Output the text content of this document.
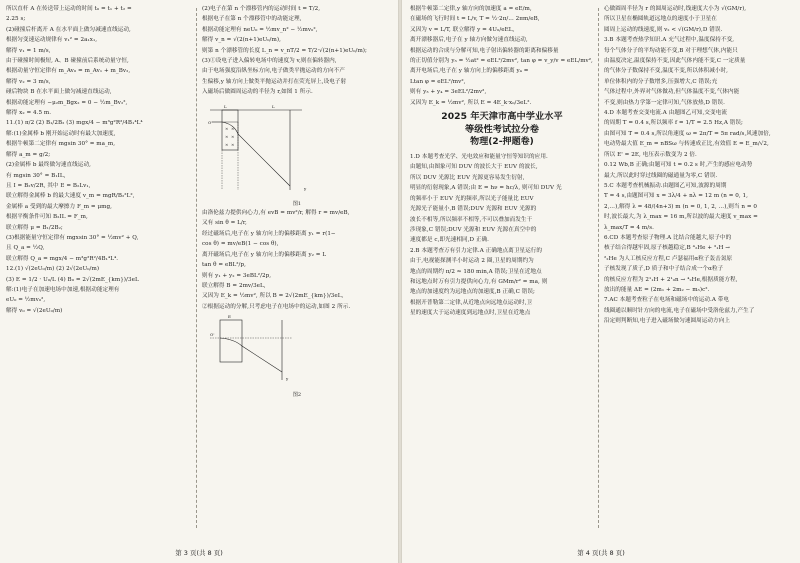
所以直杆 A 在传送带上运动的时间 t₀ = t₁ + t₂ =

2.25 s;

(2)碰撞后杆离开 A 在水平面上做匀减速直线运动,

根据匀变速运动规律有 v₁² = 2a₁x₁,

解得 v₁ = 1 m/s,

由于碰撞时间极短, A、B 碰撞前后系统动量守恒,

根据动量守恒定律有 m_Av₀ = m_Av₁ + m_Bv₂,

解得 v₂ = 3 m/s,

碰后物块 B 在水平面上做匀减速直线运动,

根据动能定理有 −μ₂m_Bgx₂ = 0 − ½m_Bv₂²,

解得 x₂ = 4.5 m.

11.(1) π/2 (2) B₁/2B₂ (3) mgx/4 − m³g²R²/4B₁⁴L⁴

解:(1)金属棒 b 刚开始运动时有最大加速度,

根据牛顿第二定律有 mgsin 30° = ma_m,

解得 a_m = g/2;

(2)金属棒 b 最终做匀速直线运动,

有 mgsin 30° = B₁IL,

且 I = B₂v/2R, 其中 E = B₂Lv₁,

联立解得金属棒 b 的最大速度 v_m = mgR/B₂²L²,

金属棒 a 受到的最大摩擦力 F_m = μmg,

根据平衡条件可知 B₂IL = F_m,

联立解得 μ = B₁/2B₂;

(3)根据能量守恒定律有 mgxsin 30° = ½mv² + Q,

且 Q_a = ½Q,

联立解得 Q_a = mgx/4 − m³g²R²/4B₁⁴L⁴.

12.(1) √(2eU₀/m) (2) 2√(2eU₀/m)

(3) E = 1/2 · U₀/L (4) B₀ = 2√(2mE_{km})/3eL

解:(1)电子在加速电场中加速,根据动能定理有

eU₀ = ½mv₀²,

解得 v₀ = √(2eU₀/m)

(2)电子在第 n 个漂移管内的运动时间 t = T/2,

根据电子在第 n 个漂移管中的动能定理,

根据动能定理有 neU₀ = ½mv_n² − ½mv₀²,

解得 v_n = √(2(n+1)eU₀/m),

则第 n 个漂移管的长度 L_n = v_nT/2 = T/2·√(2(n+1)eU₀/m);

(3)①设电子进入偏转电场中的速度为 v,则在偏转器内,

由于电场强度沿纵坐标方向,电子做类平抛运动的方向不产

生偏移,y 轴方向上做类平抛运动并打在荧光屏上,设电子射

入磁场后做圆周运动的半径为 r,如图 1 所示.

× ×
× ×
× ×
O'
L	L
y
图1

由洛伦兹力提供向心力,有 evB = mv²/r, 解得 r = mv/eB,

又有 sin θ = L/r,

经过磁场后,电子在 y 轴方向上的偏移距离 y₁ = r(1−

cos θ) = mv/eB(1 − cos θ),

离开磁场后,电子在 y 轴方向上的偏移距离 y₂ = L

tan θ = eBL²/p,

则有 y₁ + y₂ = 3eBL²/2p,

联立解得 B = 2mv/3eL,

又因为 E_k = ½mv², 所以 B = 2√(2mE_{km})/3eL,

②根据运动的分解,只考虑电子在电场中的运动,如图 2 所示.

O'
E
y
图2
第 3 页(共 8 页)

根据牛顿第二定律,y 轴方向的加速度 a = eE/m,

在磁场的飞行时间 t = L/v, T = ½·2π/... 2πm/eB,

又因为 v = L/T, 联立解得 y = 4U₀/eEL,

离开漂移器后,电子在 y 轴方向做匀速直线运动,

根据运动的合成与分解可知,电子射出偏转器的距离和偏移量

的正切值分别为 y₃ = ½at² = eEL²/2mv², tan φ = v_y/v = eEL/mv²,

离开电场后,电子在 y 轴方向上的偏移距离 y₄ =

Ltan φ = eEL²/mv²,

则有 y₃ + y₄ = 3eEL²/2mv²,

又因为 E_k = ½mv², 所以 E = 4E_k·x₀/3eL².

2025 年天津市高中学业水平
等级性考试拉分卷
物理(2-押题卷)

1.D 本题考查光学、光电效应和能量守恒等知识的应用.

由题知,由图象可知 DUV 的波长大于 EUV 的波长,

所以 DUV 光源比 EUV 光源更容易发生衍射,

明显的衍射现象,A 错误;由 E = hν = hc/λ, 则可知 DUV 光

的频率小于 EUV 光的频率,所以光子能量比 EUV

光源光子能量小,B 错误;DUV 光源和 EUV 光源的

波长不相等,所以频率不相等,不可以叠加而发生干

涉现象,C 错误;DUV 光源和 EUV 光源在真空中的

速度都是 c,即光速相同,D 正确.

2.B 本题考查万有引力定律.A 正确地点离卫星运行的

由于,电视能探测半小时运动 2 圈,卫星的周期约为

地点的周期约 π/2 ≈ 180 min,A 错误;卫星在近地点

和远地点时万有引力提供向心力,有 GMm/r² = ma, 则

地点的加速度约为远地点的加速度,B 正确,C 错误;

根据开普勒第二定律,从近地点向远地点运动时,卫

星的速度大于运动速度到远地点时,卫星在近地点

心做圆周半径为 r 的圆周运动时,线速度大小为 √(GM/r),

所以卫星在椭圆轨道远地点的速度小于卫星在

圆周上运动的线速度,则 v₂ < √(GM/r),D 错误.

3.B 本题考查热学知识.A 充气过程中,温度保持不变,

每个气体分子的平均动能不变,B 对于理想气体,内能只

由温度决定,温度保持不变,因此气体内能不变,C 一定质量

的气体分子数保持不变,温度不变,所以体积减小时,

单位体积内的分子数增多,压强增大,C 错误;充

气体过程中,外界对气体做功,但气体温度不变,气体内能

不变,则由热力学第一定律可知,气体放热,D 错误.

4.D 本题考查交变电流.A 由题图乙可知,交变电流

的周期 T = 0.4 s,所以频率 f = 1/T = 2.5 Hz,A 错误;

由图可知 T = 0.4 s,所以角速度 ω = 2π/T = 5π rad/s,风速加倍,

电动势最大值 E_m = nBSω 与转速成正比,有效值 E = E_m/√2,

所以 E' = 2E, 电压表示数变为 2 倍.

0.12 Wb,B 正确;由题可知 t = 0.2 s 时,产生的感应电动势

最大,所以此时穿过线圈的磁通量为零,C 错误.

5.C 本题考查机械振动.由题图乙可知,波源的周期

T = 4 s,由题图可知 x = 3λ/4 + nλ = 12 m (n = 0, 1,

2,…),解得 λ = 48/(4n+3) m (n = 0, 1, 2, …),则当 n = 0

时,波长最大,为 λ_max = 16 m,所以波的最大速度 v_max =

λ_max/T = 4 m/s.

6.CD 本题考查原子物理.A 比结合能越大,原子中的

核子结合得越牢固,原子核越稳定,B ⁴₂He + ³₁H →

²₂He 为人工核反应方程,C 卢瑟福用α粒子轰击氮原

子核发现了质子,D 质子和中子结合成一个α粒子

的核反应方程为 2¹₁H + 2¹₀n → ⁴₂He,根据质能方程,

放出的能量 ΔE = (2m₁ + 2m₂ − m₃)c².

7.AC 本题考查粒子在电场和磁场中的运动.A 带电

线圈通以顺时针方向的电流,电子在磁场中受洛伦兹力,产生了

沿定则判断知,电子进入磁场做匀速圆周运动方向上

第 4 页(共 8 页)
